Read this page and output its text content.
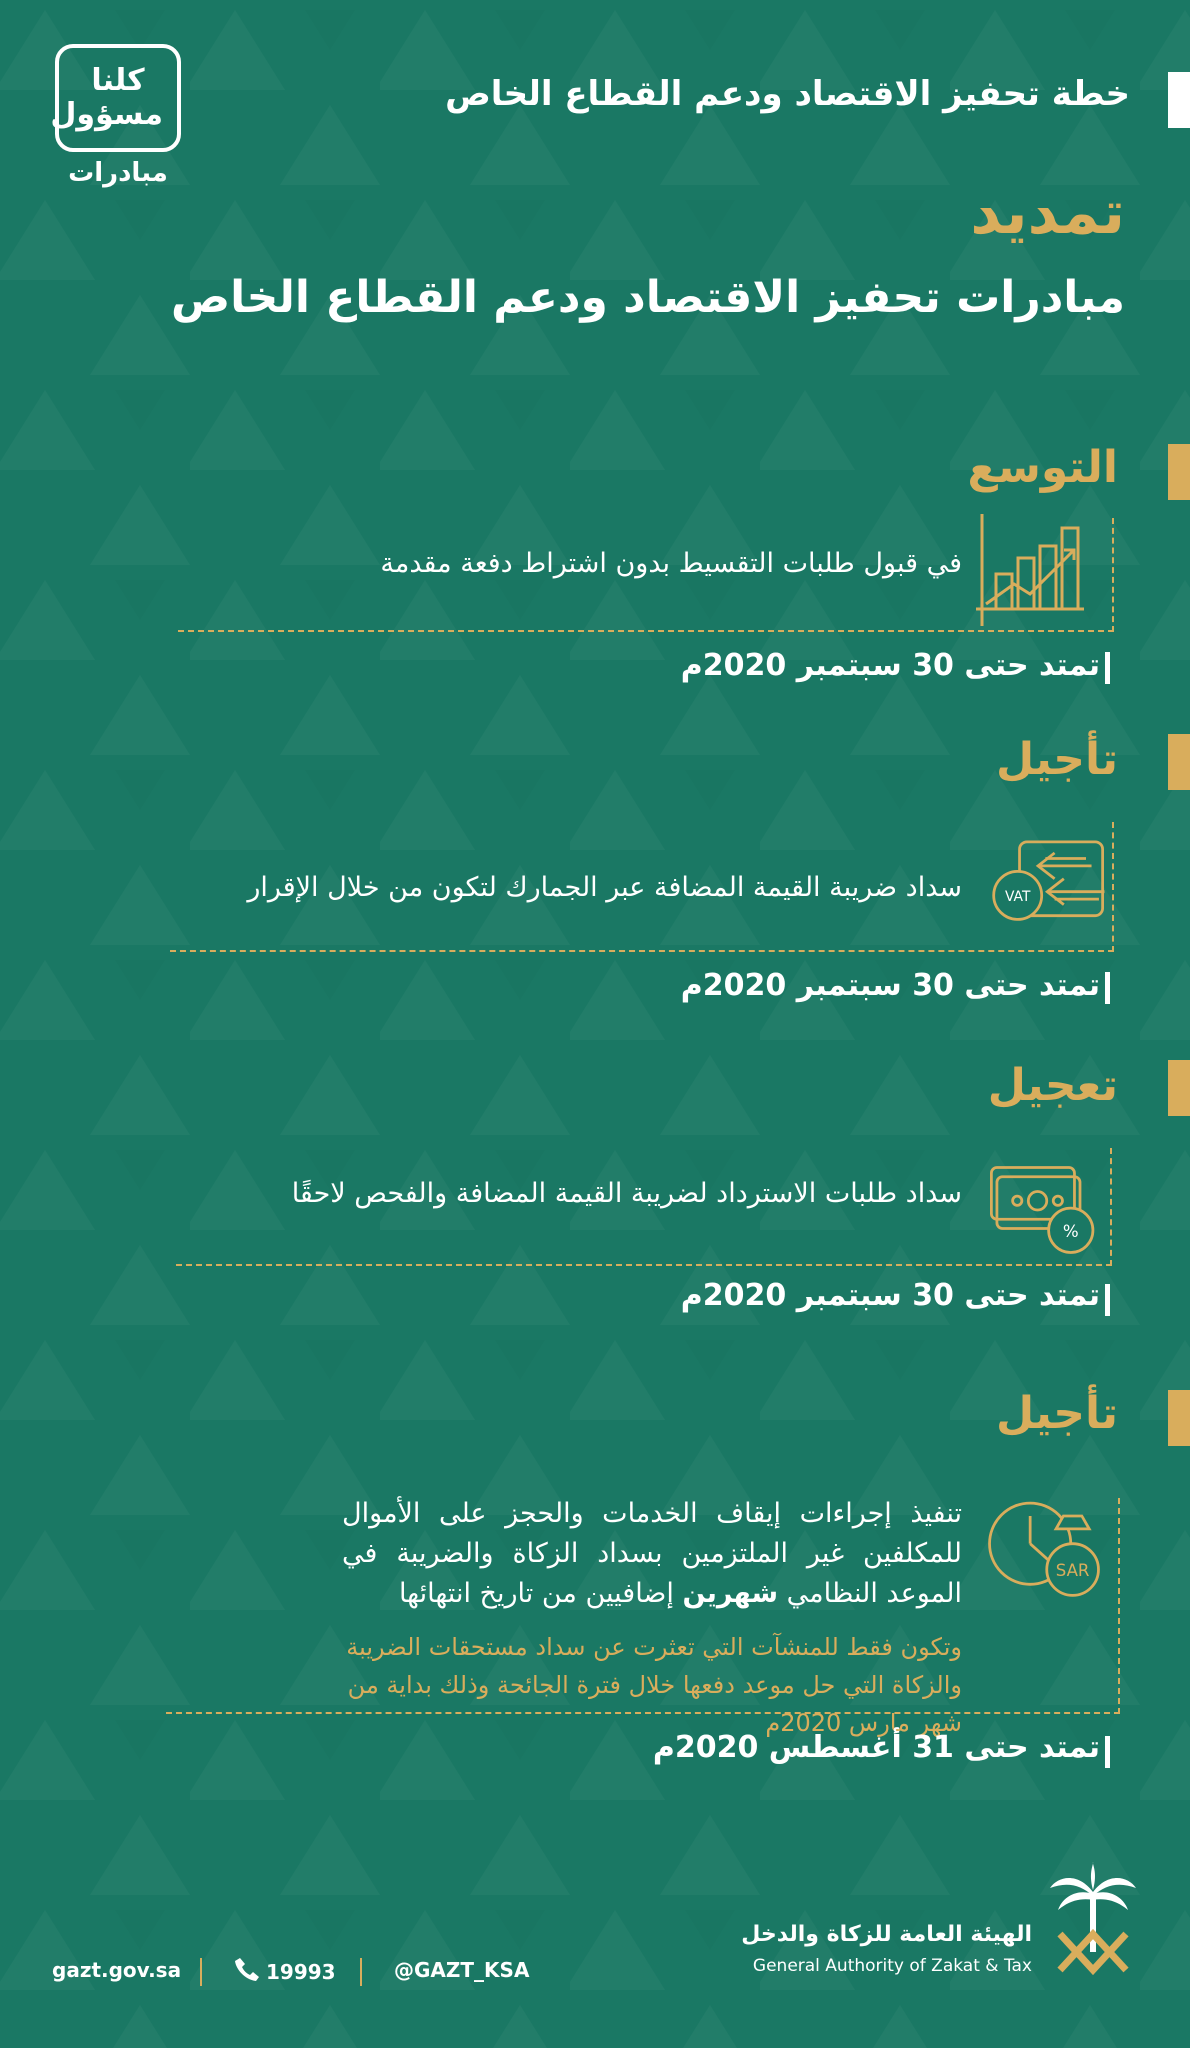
كلنا مسؤول
مبادرات
خطة تحفيز الاقتصاد ودعم القطاع الخاص
تمديد
مبادرات تحفيز الاقتصاد ودعم القطاع الخاص
التوسع
في قبول طلبات التقسيط بدون اشتراط دفعة مقدمة
تمتد حتى 30 سبتمبر 2020م
تأجيل
VAT
سداد ضريبة القيمة المضافة عبر الجمارك لتكون من خلال الإقرار
تمتد حتى 30 سبتمبر 2020م
تعجيل
%
سداد طلبات الاسترداد لضريبة القيمة المضافة والفحص لاحقًا
تمتد حتى 30 سبتمبر 2020م
تأجيل
SAR
تنفيذ إجراءات إيقاف الخدمات والحجز على الأموال للمكلفين غير الملتزمين بسداد الزكاة والضريبة في الموعد النظامي شهرين إضافيين من تاريخ انتهائها
وتكون فقط للمنشآت التي تعثرت عن سداد مستحقات الضريبة والزكاة التي حل موعد دفعها خلال فترة الجائحة وذلك بداية من شهر مارس 2020م
تمتد حتى 31 أغسطس 2020م
الهيئة العامة للزكاة والدخل
General Authority of Zakat & Tax
gazt.gov.sa	19993	@GAZT_KSA
